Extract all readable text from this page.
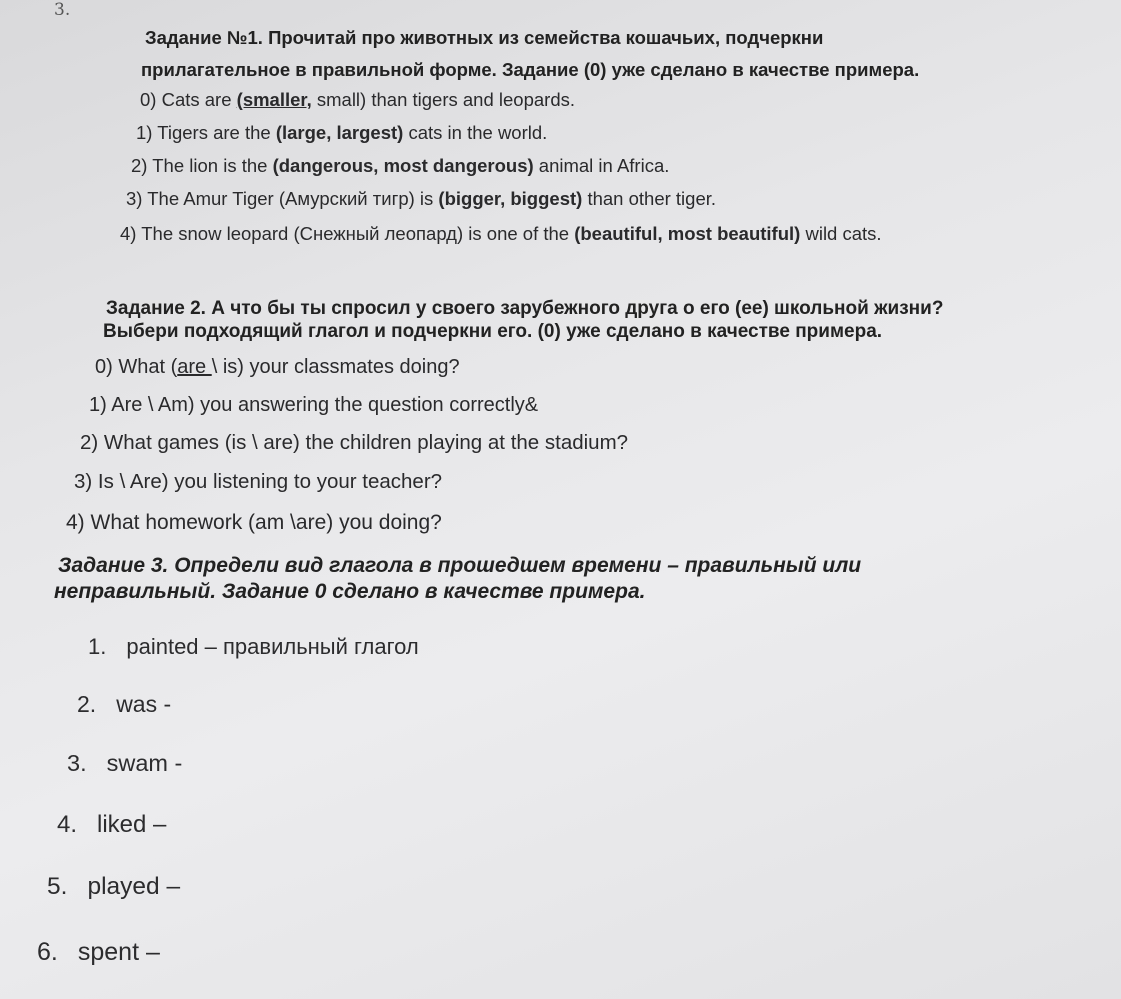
3.
Задание №1. Прочитай про животных из семейства кошачьих, подчеркни
прилагательное в правильной форме. Задание (0) уже сделано в качестве примера.
0) Cats are (smaller, small) than tigers and leopards.
1) Tigers are the (large, largest) cats in the world.
2) The lion is the (dangerous, most dangerous) animal in Africa.
3) The Amur Tiger (Амурский тигр) is (bigger, biggest) than other tiger.
4) The snow leopard (Снежный леопард) is one of the (beautiful, most beautiful) wild cats.
Задание 2. А что бы ты спросил у своего зарубежного друга о его (ее) школьной жизни?
Выбери подходящий глагол и подчеркни его. (0) уже сделано в качестве примера.
0) What (are \ is) your classmates doing?
1) Are \ Am) you answering the question correctly&
2) What games (is \ are) the children playing at the stadium?
3) Is \ Are) you listening to your teacher?
4) What homework (am \are) you doing?
Задание 3. Определи вид глагола в прошедшем времени – правильный или
неправильный. Задание 0 сделано в качестве примера.
1. painted – правильный глагол
2. was -
3. swam -
4. liked –
5. played –
6. spent –
